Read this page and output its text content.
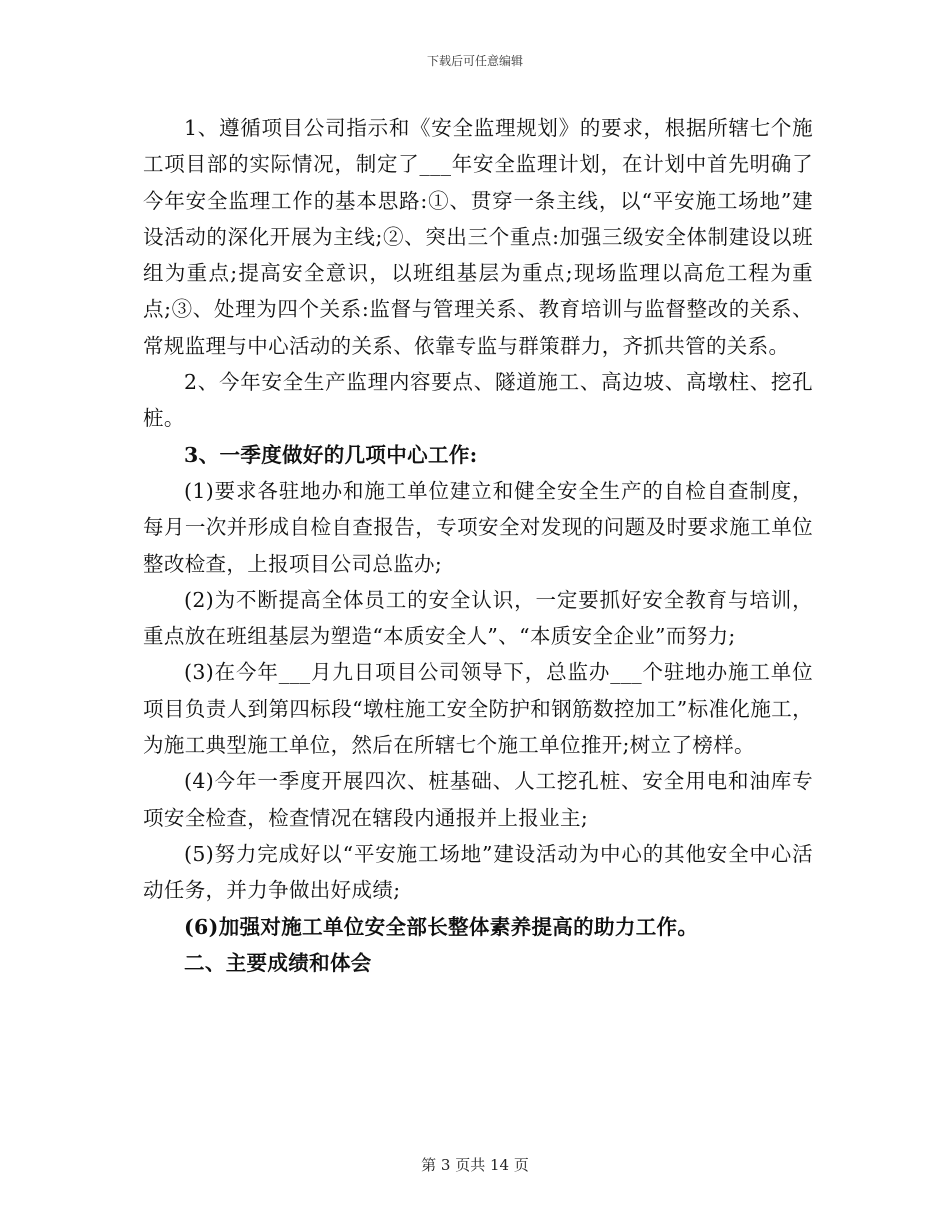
下载后可任意编辑

1、遵循项目公司指示和《安全监理规划》的要求，根据所辖七个施工项目部的实际情况，制定了___年安全监理计划，在计划中首先明确了今年安全监理工作的基本思路:①、贯穿一条主线，以“平安施工场地”建设活动的深化开展为主线;②、突出三个重点:加强三级安全体制建设以班组为重点;提高安全意识，以班组基层为重点;现场监理以高危工程为重点;③、处理为四个关系:监督与管理关系、教育培训与监督整改的关系、常规监理与中心活动的关系、依靠专监与群策群力，齐抓共管的关系。

2、今年安全生产监理内容要点、隧道施工、高边坡、高墩柱、挖孔桩。

3、一季度做好的几项中心工作:

(1)要求各驻地办和施工单位建立和健全安全生产的自检自查制度，每月一次并形成自检自查报告，专项安全对发现的问题及时要求施工单位整改检查，上报项目公司总监办;

(2)为不断提高全体员工的安全认识，一定要抓好安全教育与培训，重点放在班组基层为塑造“本质安全人”、“本质安全企业”而努力;

(3)在今年___月九日项目公司领导下，总监办___个驻地办施工单位项目负责人到第四标段“墩柱施工安全防护和钢筋数控加工”标准化施工，为施工典型施工单位，然后在所辖七个施工单位推开;树立了榜样。

(4)今年一季度开展四次、桩基础、人工挖孔桩、安全用电和油库专项安全检查，检查情况在辖段内通报并上报业主;

(5)努力完成好以“平安施工场地”建设活动为中心的其他安全中心活动任务，并力争做出好成绩;

(6)加强对施工单位安全部长整体素养提高的助力工作。

二、主要成绩和体会

第 3 页共 14 页
